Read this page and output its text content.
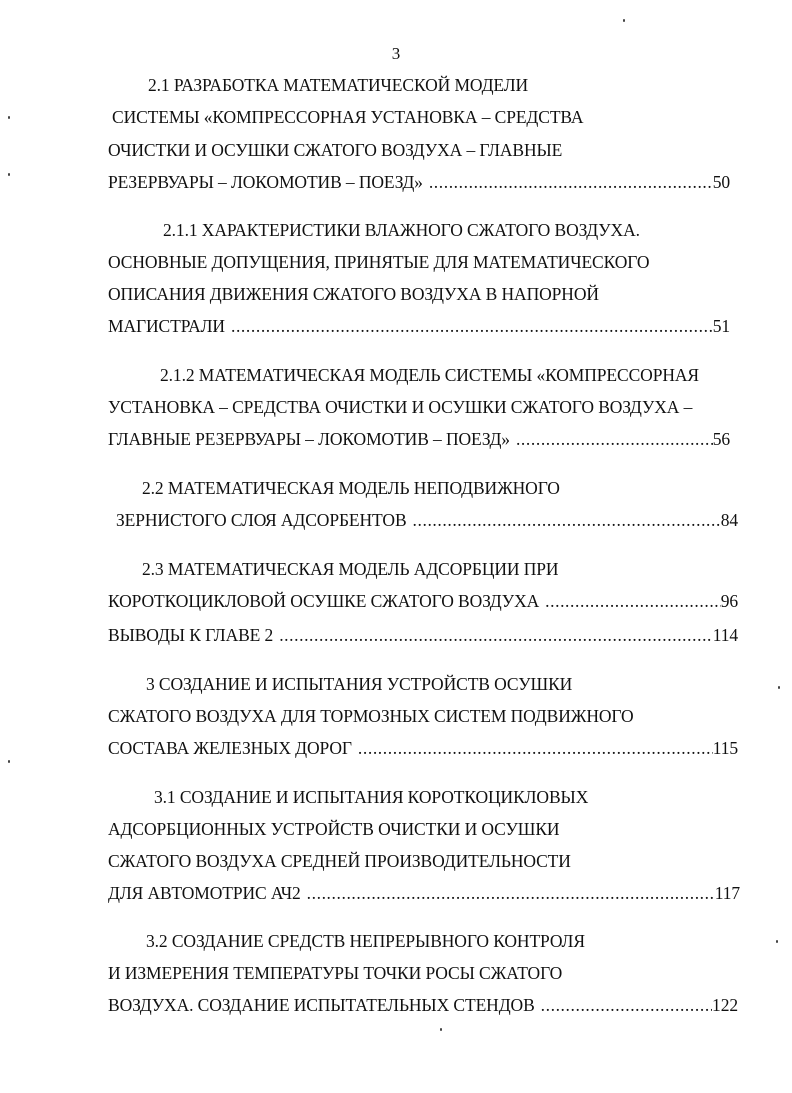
3
2.1 РАЗРАБОТКА МАТЕМАТИЧЕСКОЙ МОДЕЛИ
СИСТЕМЫ «КОМПРЕССОРНАЯ УСТАНОВКА – СРЕДСТВА
ОЧИСТКИ И ОСУШКИ СЖАТОГО ВОЗДУХА – ГЛАВНЫЕ
РЕЗЕРВУАРЫ – ЛОКОМОТИВ – ПОЕЗД» .....	50
2.1.1 ХАРАКТЕРИСТИКИ ВЛАЖНОГО СЖАТОГО ВОЗДУХА.
ОСНОВНЫЕ ДОПУЩЕНИЯ, ПРИНЯТЫЕ ДЛЯ МАТЕМАТИЧЕСКОГО
ОПИСАНИЯ ДВИЖЕНИЯ СЖАТОГО ВОЗДУХА В НАПОРНОЙ
МАГИСТРАЛИ .....	51
2.1.2 МАТЕМАТИЧЕСКАЯ МОДЕЛЬ СИСТЕМЫ «КОМПРЕССОРНАЯ
УСТАНОВКА – СРЕДСТВА ОЧИСТКИ И ОСУШКИ СЖАТОГО ВОЗДУХА –
ГЛАВНЫЕ РЕЗЕРВУАРЫ – ЛОКОМОТИВ – ПОЕЗД» .....	56
2.2 МАТЕМАТИЧЕСКАЯ МОДЕЛЬ НЕПОДВИЖНОГО
ЗЕРНИСТОГО СЛОЯ АДСОРБЕНТОВ .....	84
2.3 МАТЕМАТИЧЕСКАЯ МОДЕЛЬ АДСОРБЦИИ ПРИ
КОРОТКОЦИКЛОВОЙ ОСУШКЕ СЖАТОГО ВОЗДУХА .....	96
ВЫВОДЫ К ГЛАВЕ 2 .....	114
3 СОЗДАНИЕ И ИСПЫТАНИЯ УСТРОЙСТВ ОСУШКИ
СЖАТОГО ВОЗДУХА ДЛЯ ТОРМОЗНЫХ СИСТЕМ ПОДВИЖНОГО
СОСТАВА ЖЕЛЕЗНЫХ ДОРОГ .....	115
3.1 СОЗДАНИЕ И ИСПЫТАНИЯ КОРОТКОЦИКЛОВЫХ
АДСОРБЦИОННЫХ УСТРОЙСТВ ОЧИСТКИ И ОСУШКИ
СЖАТОГО ВОЗДУХА СРЕДНЕЙ ПРОИЗВОДИТЕЛЬНОСТИ
ДЛЯ АВТОМОТРИС АЧ2 .....	117
3.2 СОЗДАНИЕ СРЕДСТВ НЕПРЕРЫВНОГО КОНТРОЛЯ
И ИЗМЕРЕНИЯ ТЕМПЕРАТУРЫ ТОЧКИ РОСЫ СЖАТОГО
ВОЗДУХА. СОЗДАНИЕ ИСПЫТАТЕЛЬНЫХ СТЕНДОВ .....	122
